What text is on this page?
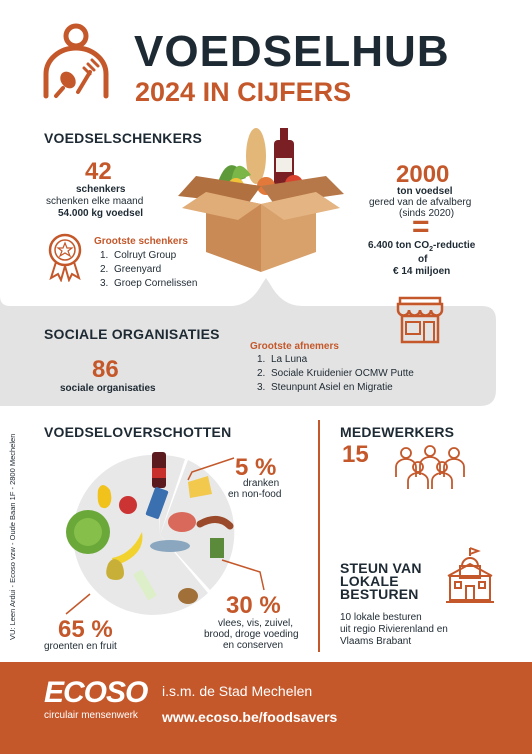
VOEDSELHUB
2024 IN CIJFERS
VOEDSELSCHENKERS
42
schenkers
schenken elke maand
54.000 kg voedsel
Grootste schenkers
1. Colruyt Group
2. Greenyard
3. Groep Cornelissen
2000
ton voedsel
gered van de afvalberg
(sinds 2020)
=
6.400 ton $CO_2$-reductie
of
€ 14 miljoen
SOCIALE ORGANISATIES
86
sociale organisaties
Grootste afnemers
1. La Luna
2. Sociale Kruidenier OCMW Putte
3. Steunpunt Asiel en Migratie
VU: Leen Ardui - Ecoso vzw - Oude Baan 1F - 2800 Mechelen
VOEDSELOVERSCHOTTEN
5 %
dranken
en non-food
30 %
vlees, vis, zuivel,
brood, droge voeding
en conserven
65 %
groenten en fruit
MEDEWERKERS
15
STEUN VAN
LOKALE
BESTUREN
10 lokale besturen
uit regio Rivierenland en
Vlaams Brabant
ECOSO
circulair mensenwerk
i.s.m. de Stad Mechelen
www.ecoso.be/foodsavers
